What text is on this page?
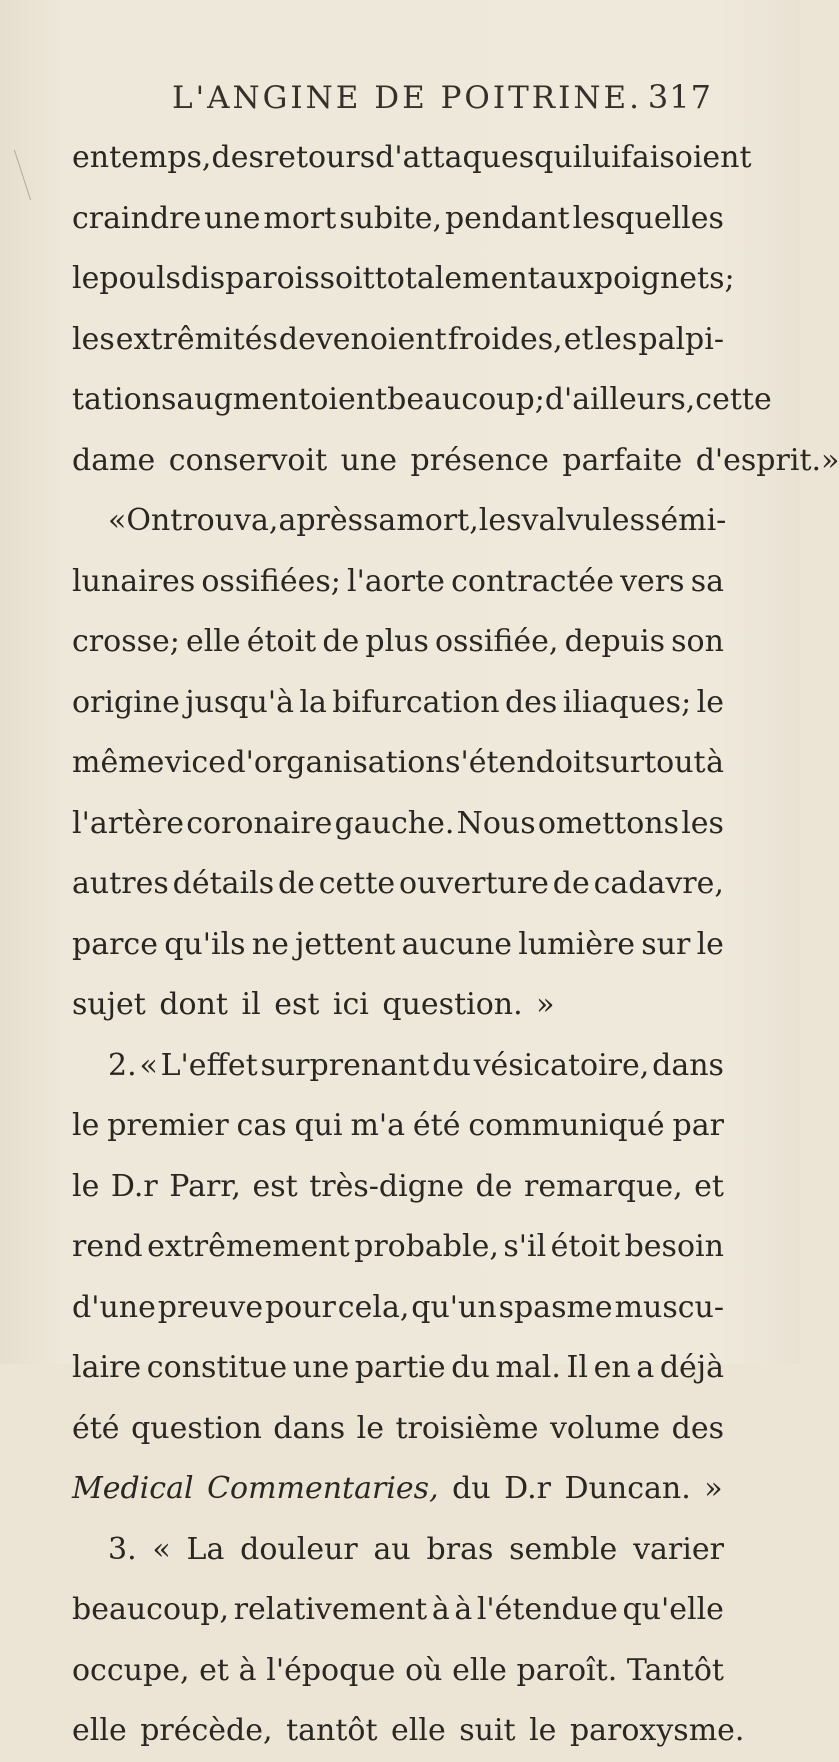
L'ANGINE DE POITRINE. 317
en temps, des retours d'attaques qui lui faisoient
craindre une mort subite, pendant lesquelles
le pouls disparoissoit totalement aux poignets;
les extrêmités devenoient froides, et les palpi-
tations augmentoient beaucoup; d'ailleurs, cette
dame conservoit une présence parfaite d'esprit.»
« On trouva, après sa mort, les valvules sémi-
lunaires ossifiées; l'aorte contractée vers sa
crosse; elle étoit de plus ossifiée, depuis son
origine jusqu'à la bifurcation des iliaques; le
même vice d'organisation s'étendoit surtout à
l'artère coronaire gauche. Nous omettons les
autres détails de cette ouverture de cadavre,
parce qu'ils ne jettent aucune lumière sur le
sujet dont il est ici question. »
2. « L'effet surprenant du vésicatoire, dans
le premier cas qui m'a été communiqué par
le D.r Parr, est très-digne de remarque, et
rend extrêmement probable, s'il étoit besoin
d'une preuve pour cela, qu'un spasme muscu-
laire constitue une partie du mal. Il en a déjà
été question dans le troisième volume des
Medical Commentaries, du D.r Duncan. »
3. « La douleur au bras semble varier
beaucoup, relativement à à l'étendue qu'elle
occupe, et à l'époque où elle paroît. Tantôt
elle précède, tantôt elle suit le paroxysme.
